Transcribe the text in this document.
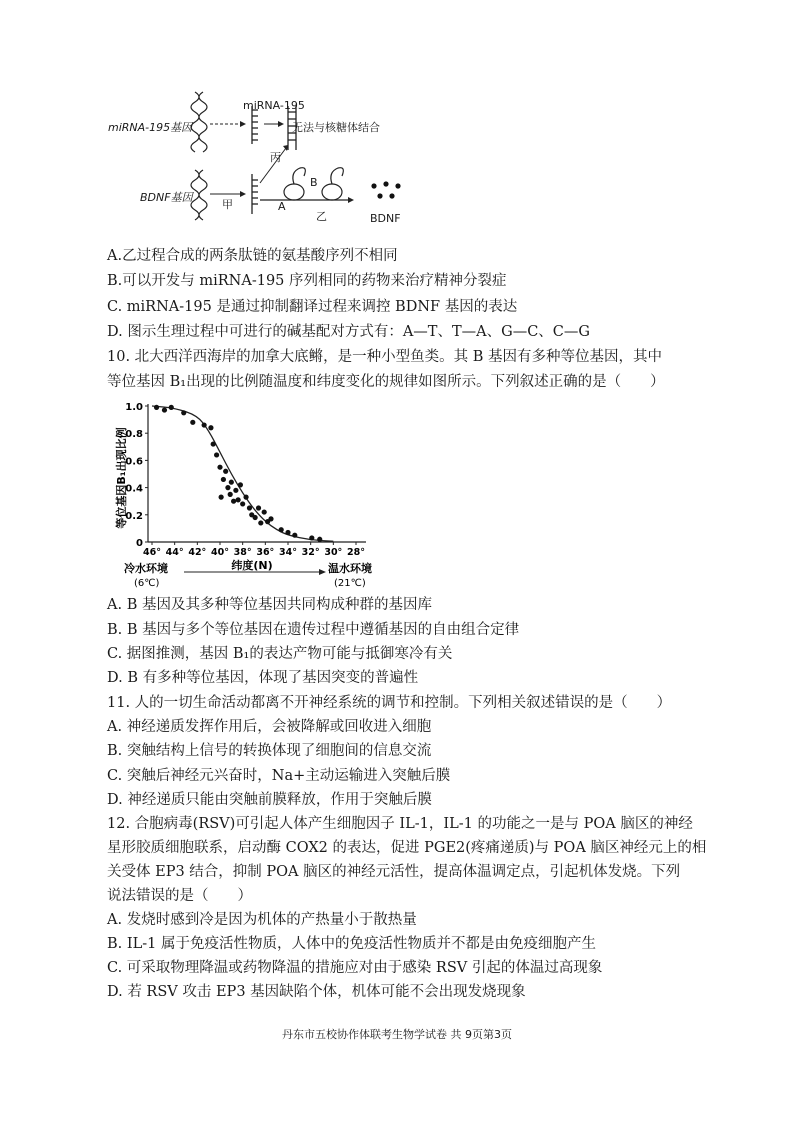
miRNA-195基因
miRNA-195
无法与核糖体结合
丙
BDNF基因
甲	A
B
乙	BDNF
A.乙过程合成的两条肽链的氨基酸序列不相同
B.可以开发与 miRNA-195 序列相同的药物来治疗精神分裂症
C. miRNA-195 是通过抑制翻译过程来调控 BDNF 基因的表达
D. 图示生理过程中可进行的碱基配对方式有：A—T、T—A、G—C、C—G
10. 北大西洋西海岸的加拿大底鳉，是一种小型鱼类。其 B 基因有多种等位基因，其中
等位基因 B₁出现的比例随温度和纬度变化的规律如图所示。下列叙述正确的是（　　）
等位基因B₁出现比例
1.0
0.8
0.6
0.4
0.2
0
46° 44° 42° 40° 38° 36° 34° 32° 30° 28°
冷水环境
(6℃)
纬度(N)	温水环境
(21℃)
A. B 基因及其多种等位基因共同构成种群的基因库
B. B 基因与多个等位基因在遗传过程中遵循基因的自由组合定律
C. 据图推测，基因 B₁的表达产物可能与抵御寒冷有关
D. B 有多种等位基因，体现了基因突变的普遍性
11. 人的一切生命活动都离不开神经系统的调节和控制。下列相关叙述错误的是（　　）
A. 神经递质发挥作用后，会被降解或回收进入细胞
B. 突触结构上信号的转换体现了细胞间的信息交流
C. 突触后神经元兴奋时，Na+主动运输进入突触后膜
D. 神经递质只能由突触前膜释放，作用于突触后膜
12. 合胞病毒(RSV)可引起人体产生细胞因子 IL-1，IL-1 的功能之一是与 POA 脑区的神经
星形胶质细胞联系，启动酶 COX2 的表达，促进 PGE2(疼痛递质)与 POA 脑区神经元上的相
关受体 EP3 结合，抑制 POA 脑区的神经元活性，提高体温调定点，引起机体发烧。下列
说法错误的是（　　）
A. 发烧时感到冷是因为机体的产热量小于散热量
B. IL-1 属于免疫活性物质，人体中的免疫活性物质并不都是由免疫细胞产生
C. 可采取物理降温或药物降温的措施应对由于感染 RSV 引起的体温过高现象
D. 若 RSV 攻击 EP3 基因缺陷个体，机体可能不会出现发烧现象
丹东市五校协作体联考生物学试卷 共 9页第3页
